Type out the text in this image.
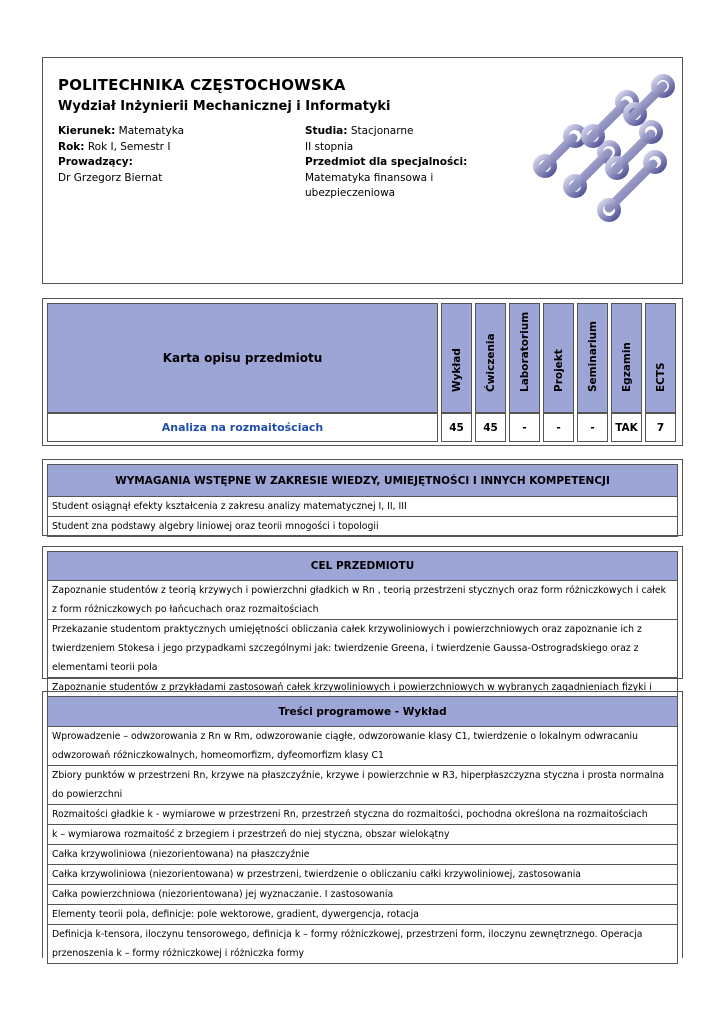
POLITECHNIKA CZĘSTOCHOWSKA
Wydział Inżynierii Mechanicznej i Informatyki
Kierunek: Matematyka
Rok: Rok I, Semestr I
Prowadzący:
Dr Grzegorz Biernat
Studia: Stacjonarne
II stopnia
Przedmiot dla specjalności:
Matematyka finansowa i
ubezpieczeniowa
Karta opisu przedmiotu
Analiza na rozmaitościach
Wykład Ćwiczenia Laboratorium Projekt Seminarium Egzamin ECTS
45	45	-	-	-	TAK	7
WYMAGANIA WSTĘPNE W ZAKRESIE WIEDZY, UMIEJĘTNOŚCI I INNYCH KOMPETENCJI
Student osiągnął efekty kształcenia z zakresu analizy matematycznej I, II, III
Student zna podstawy algebry liniowej oraz teorii mnogości i topologii
CEL PRZEDMIOTU
Zapoznanie studentów z teorią krzywych i powierzchni gładkich w Rn , teorią przestrzeni stycznych oraz form różniczkowych i całek z form różniczkowych po łańcuchach oraz rozmaitościach
Przekazanie studentom praktycznych umiejętności obliczania całek krzywoliniowych i powierzchniowych oraz zapoznanie ich z twierdzeniem Stokesa i jego przypadkami szczególnymi jak: twierdzenie Greena, i twierdzenie Gaussa-Ostrogradskiego oraz z elementami teorii pola
Zapoznanie studentów z przykładami zastosowań całek krzywoliniowych i powierzchniowych w wybranych zagadnieniach fizyki i
Treści programowe - Wykład
Wprowadzenie – odwzorowania z Rn w Rm, odwzorowanie ciągłe, odwzorowanie klasy C1, twierdzenie o lokalnym odwracaniu odwzorowań różniczkowalnych, homeomorfizm, dyfeomorfizm klasy C1
Zbiory punktów w przestrzeni Rn, krzywe na płaszczyźnie, krzywe i powierzchnie w R3, hiperpłaszczyzna styczna i prosta normalna do powierzchni
Rozmaitości gładkie k - wymiarowe w przestrzeni Rn, przestrzeń styczna do rozmaitości, pochodna określona na rozmaitościach
k – wymiarowa rozmaitość z brzegiem i przestrzeń do niej styczna, obszar wielokątny
Całka krzywoliniowa (niezorientowana) na płaszczyźnie
Całka krzywoliniowa (niezorientowana) w przestrzeni, twierdzenie o obliczaniu całki krzywoliniowej, zastosowania
Całka powierzchniowa (niezorientowana) jej wyznaczanie. I zastosowania
Elementy teorii pola, definicje: pole wektorowe, gradient, dywergencja, rotacja
Definicja k-tensora, iloczynu tensorowego, definicja k – formy różniczkowej, przestrzeni form, iloczynu zewnętrznego. Operacja przenoszenia k – formy różniczkowej i różniczka formy
